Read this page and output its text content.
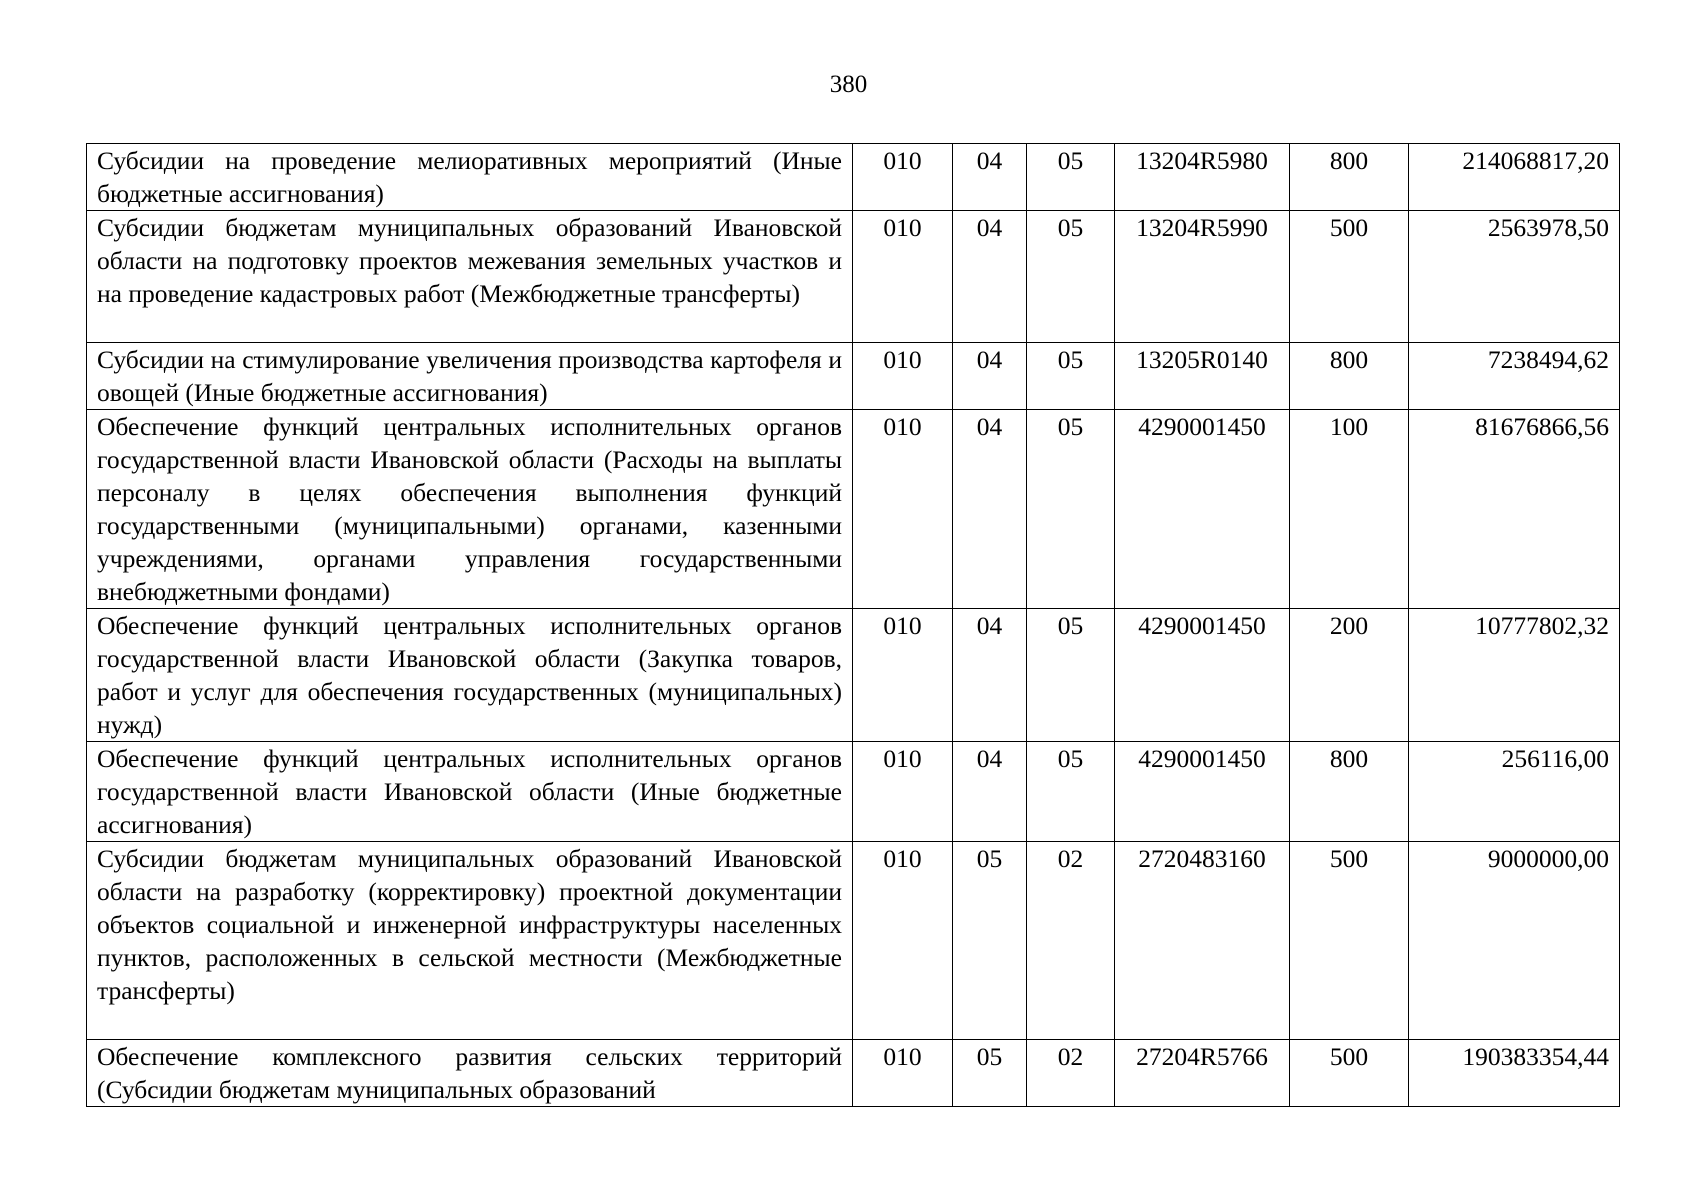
380
Субсидии на проведение мелиоративных мероприятий (Иные бюджетные ассигнования)	010	04	05	13204R5980	800	214068817,20
Субсидии бюджетам муниципальных образований Ивановской области на подготовку проектов межевания земельных участков и на проведение кадастровых работ (Межбюджетные трансферты)	010	04	05	13204R5990	500	2563978,50
Субсидии на стимулирование увеличения производства картофеля и овощей (Иные бюджетные ассигнования)	010	04	05	13205R0140	800	7238494,62
Обеспечение функций центральных исполнительных органов государственной власти Ивановской области (Расходы на выплаты персоналу в целях обеспечения выполнения функций государственными (муниципальными) органами, казенными учреждениями, органами управления государственными внебюджетными фондами)	010	04	05	4290001450	100	81676866,56
Обеспечение функций центральных исполнительных органов государственной власти Ивановской области (Закупка товаров, работ и услуг для обеспечения государственных (муниципальных) нужд)	010	04	05	4290001450	200	10777802,32
Обеспечение функций центральных исполнительных органов государственной власти Ивановской области (Иные бюджетные ассигнования)	010	04	05	4290001450	800	256116,00
Субсидии бюджетам муниципальных образований Ивановской области на разработку (корректировку) проектной документации объектов социальной и инженерной инфраструктуры населенных пунктов, расположенных в сельской местности (Межбюджетные трансферты)	010	05	02	2720483160	500	9000000,00
Обеспечение комплексного развития сельских территорий (Субсидии бюджетам муниципальных образований	010	05	02	27204R5766	500	190383354,44
